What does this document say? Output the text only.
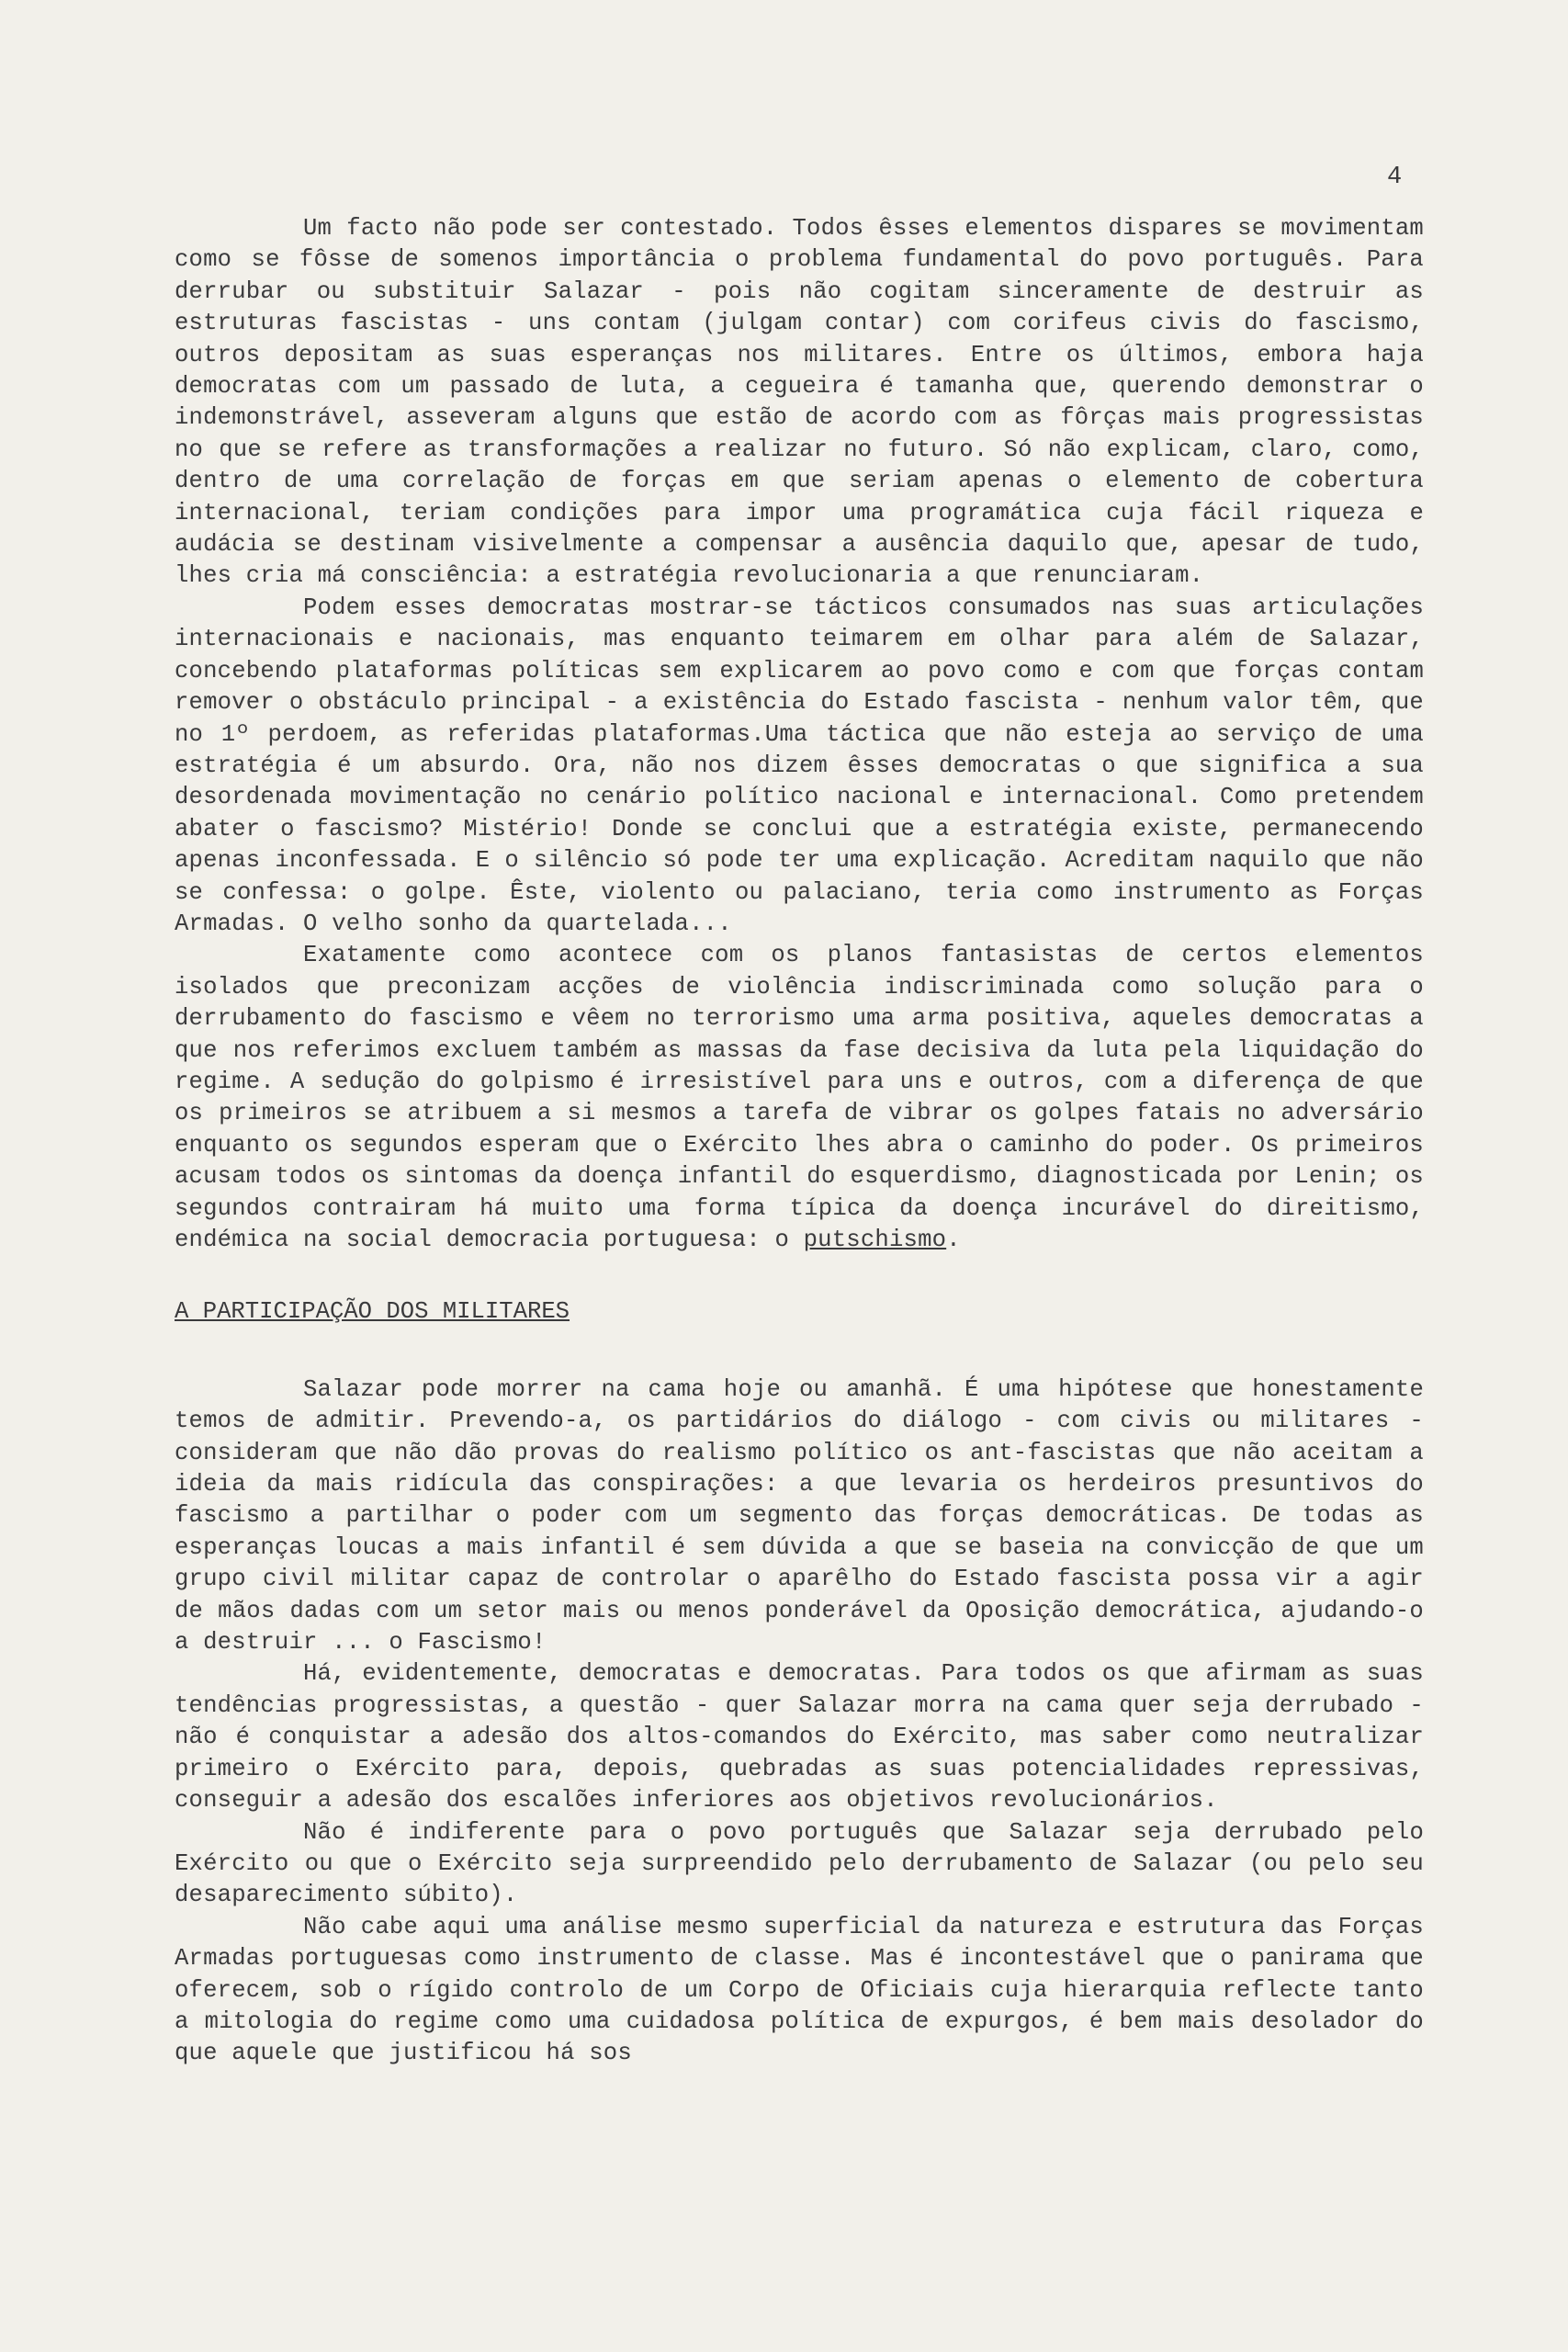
4

Um facto não pode ser contestado. Todos êsses elementos dispares se movimentam como se fôsse de somenos importância o problema fundamental do povo português. Para derrubar ou substituir Salazar - pois não cogitam sinceramente de destruir as estruturas fascistas - uns contam (julgam contar) com corifeus civis do fascismo, outros depositam as suas esperanças nos militares. Entre os últimos, embora haja democratas com um passado de luta, a cegueira é tamanha que, querendo demonstrar o indemonstrável, asseveram alguns que estão de acordo com as fôrças mais progressistas no que se refere as transformações a realizar no futuro. Só não explicam, claro, como, dentro de uma correlação de forças em que seriam apenas o elemento de cobertura internacional, teriam condições para impor uma programática cuja fácil riqueza e audácia se destinam visivelmente a compensar a ausência daquilo que, apesar de tudo, lhes cria má consciência: a estratégia revolucionaria a que renunciaram.

Podem esses democratas mostrar-se tácticos consumados nas suas articulações internacionais e nacionais, mas enquanto teimarem em olhar para além de Salazar, concebendo plataformas políticas sem explicarem ao povo como e com que forças contam remover o obstáculo principal - a existência do Estado fascista - nenhum valor têm, que no 1º perdoem, as referidas plataformas.Uma táctica que não esteja ao serviço de uma estratégia é um absurdo. Ora, não nos dizem êsses democratas o que significa a sua desordenada movimentação no cenário político nacional e internacional. Como pretendem abater o fascismo? Mistério! Donde se conclui que a estratégia existe, permanecendo apenas inconfessada. E o silêncio só pode ter uma explicação. Acreditam naquilo que não se confessa: o golpe. Êste, violento ou palaciano, teria como instrumento as Forças Armadas. O velho sonho da quartelada...

Exatamente como acontece com os planos fantasistas de certos elementos isolados que preconizam acções de violência indiscriminada como solução para o derrubamento do fascismo e vêem no terrorismo uma arma positiva, aqueles democratas a que nos referimos excluem também as massas da fase decisiva da luta pela liquidação do regime. A sedução do golpismo é irresistível para uns e outros, com a diferença de que os primeiros se atribuem a si mesmos a tarefa de vibrar os golpes fatais no adversário enquanto os segundos esperam que o Exército lhes abra o caminho do poder. Os primeiros acusam todos os sintomas da doença infantil do esquerdismo, diagnosticada por Lenin; os segundos contrairam há muito uma forma típica da doença incurável do direitismo, endémica na social democracia portuguesa: o putschismo.

A PARTICIPAÇÃO DOS MILITARES

Salazar pode morrer na cama hoje ou amanhã. É uma hipótese que honestamente temos de admitir. Prevendo-a, os partidários do diálogo - com civis ou militares - consideram que não dão provas do realismo político os ant-fascistas que não aceitam a ideia da mais ridícula das conspirações: a que levaria os herdeiros presuntivos do fascismo a partilhar o poder com um segmento das forças democráticas. De todas as esperanças loucas a mais infantil é sem dúvida a que se baseia na convicção de que um grupo civil militar capaz de controlar o aparêlho do Estado fascista possa vir a agir de mãos dadas com um setor mais ou menos ponderável da Oposição democrática, ajudando-o a destruir ... o Fascismo!

Há, evidentemente, democratas e democratas. Para todos os que afirmam as suas tendências progressistas, a questão - quer Salazar morra na cama quer seja derrubado - não é conquistar a adesão dos altos-comandos do Exército, mas saber como neutralizar primeiro o Exército para, depois, quebradas as suas potencialidades repressivas, conseguir a adesão dos escalões inferiores aos objetivos revolucionários.

Não é indiferente para o povo português que Salazar seja derrubado pelo Exército ou que o Exército seja surpreendido pelo derrubamento de Salazar (ou pelo seu desaparecimento súbito).

Não cabe aqui uma análise mesmo superficial da natureza e estrutura das Forças Armadas portuguesas como instrumento de classe. Mas é incontestável que o panirama que oferecem, sob o rígido controlo de um Corpo de Oficiais cuja hierarquia reflecte tanto a mitologia do regime como uma cuidadosa política de expurgos, é bem mais desolador do que aquele que justificou há sos
